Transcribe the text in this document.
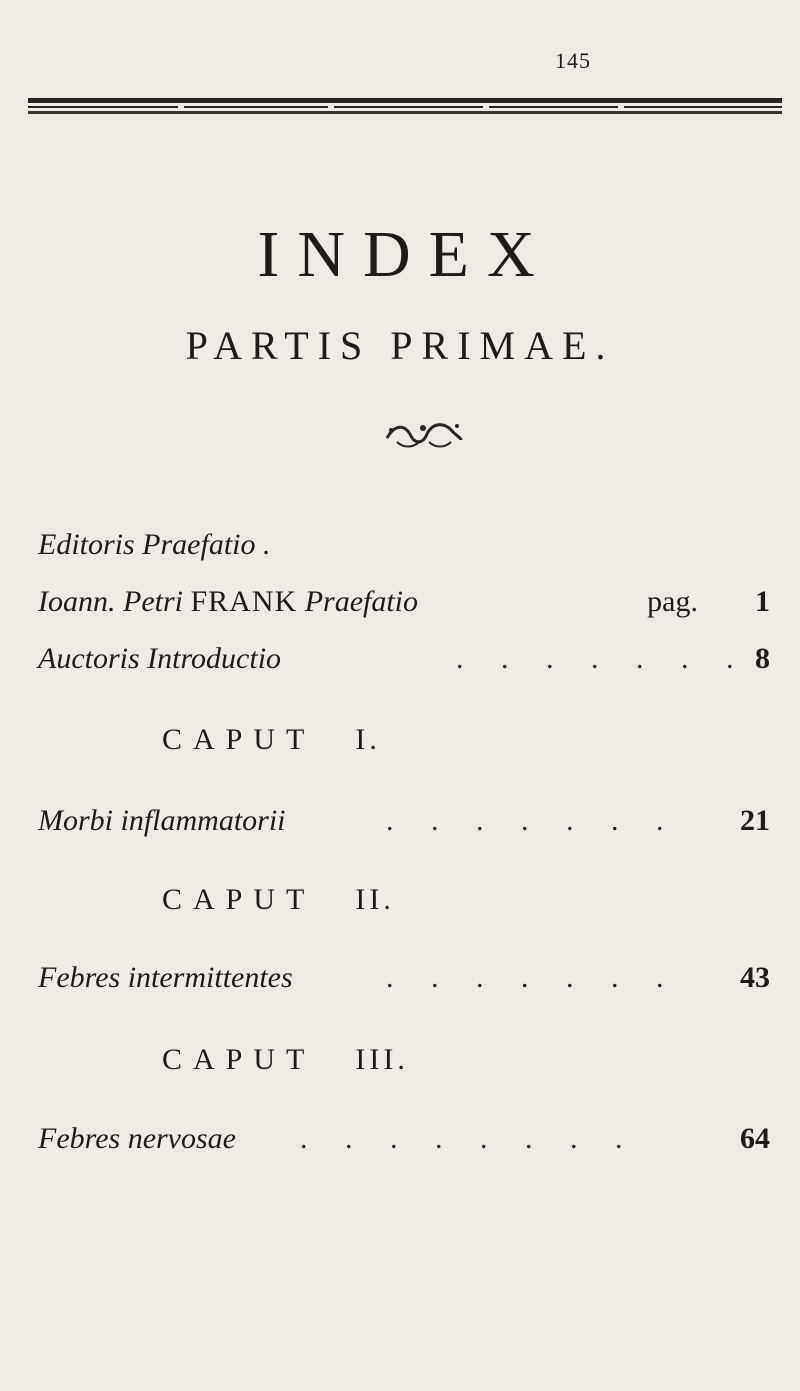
145
INDEX
PARTIS PRIMAE.
Editoris Praefatio .
Ioann. Petri FRANK Praefatio	pag. 1
Auctoris Introductio	. . . . . . . 8
CAPUT I.
Morbi inflammatorii	. . . . . . . 21
CAPUT II.
Febres intermittentes	. . . . . . . 43
CAPUT III.
Febres nervosae . . . . . . . .	64
